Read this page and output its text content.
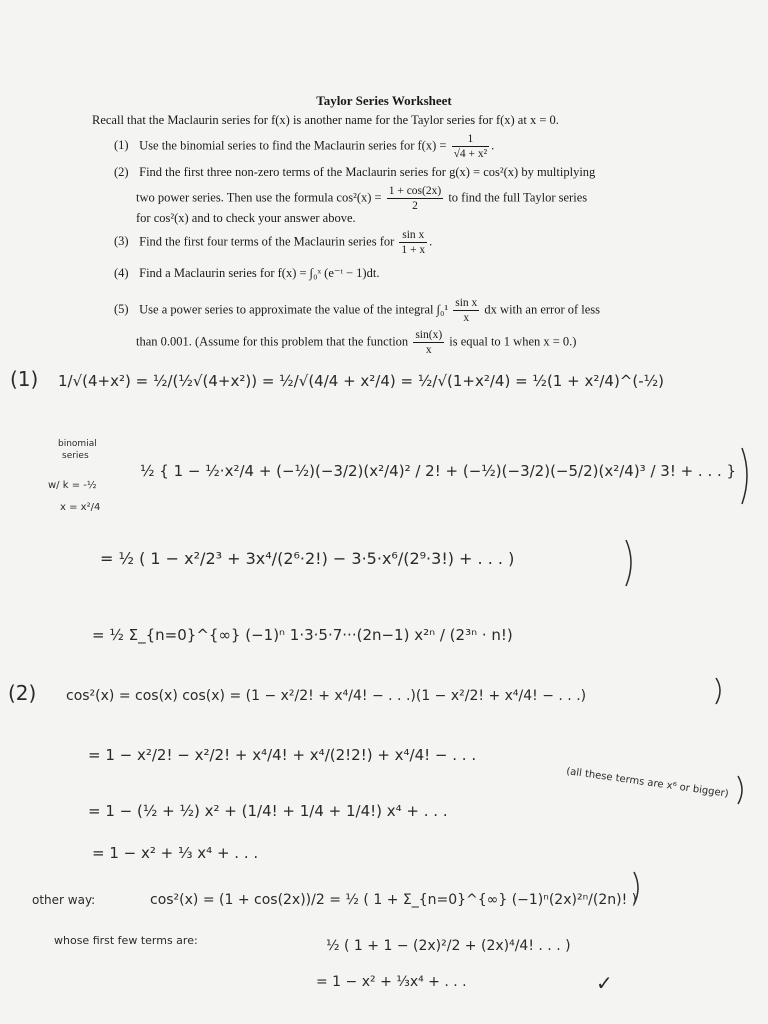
Taylor Series Worksheet
Recall that the Maclaurin series for f(x) is another name for the Taylor series for f(x) at x = 0.
(1) Use the binomial series to find the Maclaurin series for $f(x) = \frac{1}{\text{√4 + x²}}$ .
(2) Find the first three non-zero terms of the Maclaurin series for g(x) = cos²(x) by multiplying
two power series. Then use the formula $\cos^2(x) = \frac{1 + \cos(2x)}{2}$ to find the full Taylor series
for cos²(x) and to check your answer above.
(3) Find the first four terms of the Maclaurin series for $\frac{\text{sin x}}{1 + x}$ .
(4) Find a Maclaurin series for f(x) = ∫₀ˣ (e⁻ᵗ − 1)dt.
(5) Use a power series to approximate the value of the integral $\int_0^1 \frac{\text{sin x}}{x}$ dx with an error of less
than 0.001. (Assume for this problem that the function $\frac{\sin(x)}{x}$ is equal to 1 when x = 0.)
(1) 1/√(4+x²) = ½/(½√(4+x²)) = ½/√(4/4 + x²/4) = ½/√(1+x²/4) = ½(1 + x²/4)^(-½)
binomial
series
w/ k = -½
x = x²/4
½ { 1 − ½·x²/4 + (−½)(−3/2)(x²/4)² / 2! + (−½)(−3/2)(−5/2)(x²/4)³ / 3! + . . . }
= ½ ( 1 − x²/2³ + 3x⁴/(2⁶·2!) − 3·5·x⁶/(2⁹·3!) + . . . )
= ½ Σ_{n=0}^{∞} (−1)ⁿ 1·3·5·7···(2n−1) x²ⁿ / (2³ⁿ · n!)
(2) cos²(x) = cos(x) cos(x) = (1 − x²/2! + x⁴/4! − . . .)(1 − x²/2! + x⁴/4! − . . .)
= 1 − x²/2! − x²/2! + x⁴/4! + x⁴/(2!2!) + x⁴/4! − . . .
(all these terms are x⁶ or bigger)
= 1 − (½ + ½) x² + (1/4! + 1/4 + 1/4!) x⁴ + . . .
= 1 − x² + ⅓ x⁴ + . . .
other way:	cos²(x) = (1 + cos(2x))/2 = ½ ( 1 + Σ_{n=0}^{∞} (−1)ⁿ(2x)²ⁿ/(2n)! )
whose first few terms are:	½ ( 1 + 1 − (2x)²/2 + (2x)⁴/4! . . . )
= 1 − x² + ⅓x⁴ + . . .	✓
